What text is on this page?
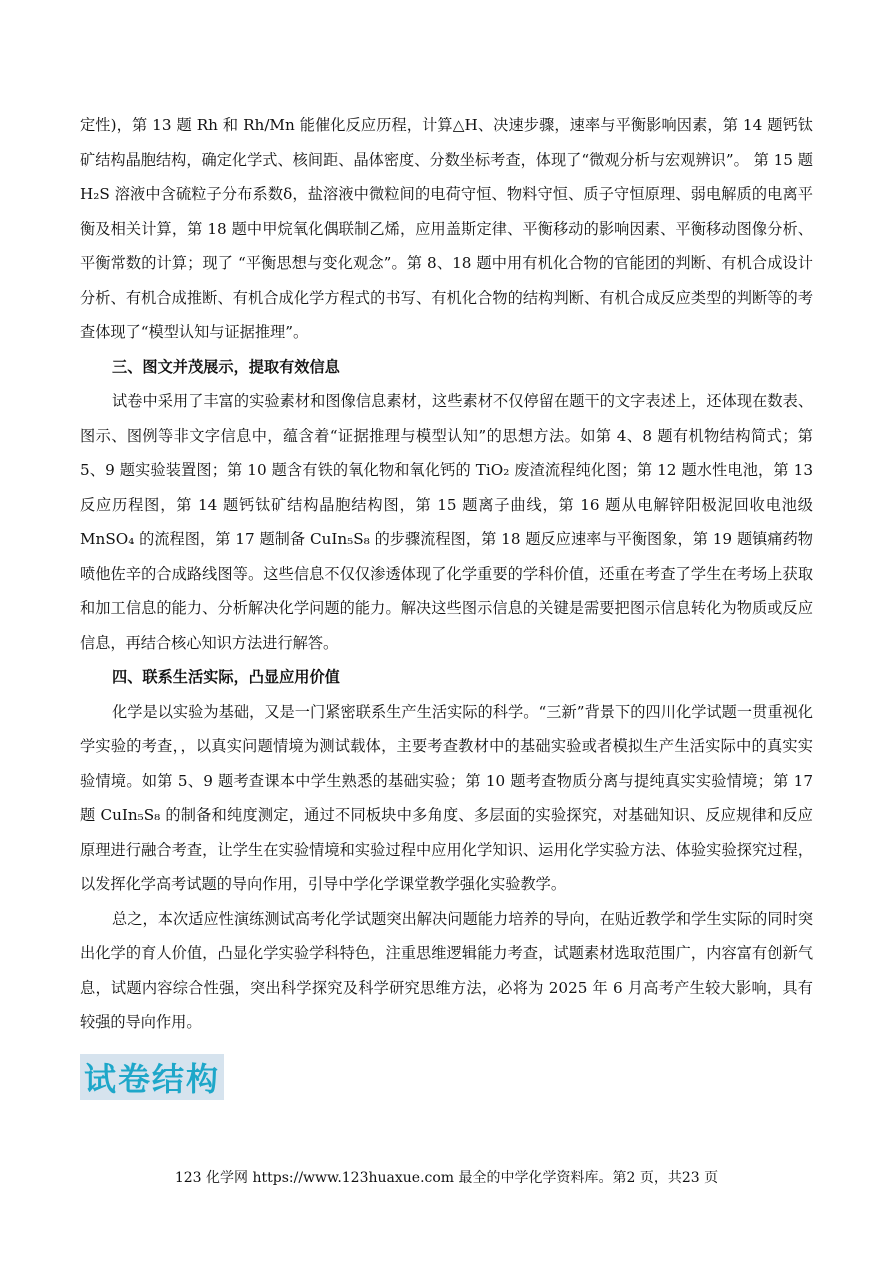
定性)，第 13 题 Rh 和 Rh/Mn 能催化反应历程，计算△H、决速步骤，速率与平衡影响因素，第 14 题钙钛矿结构晶胞结构，确定化学式、核间距、晶体密度、分数坐标考查，体现了“微观分析与宏观辨识”。 第 15 题 H₂S 溶液中含硫粒子分布系数δ，盐溶液中微粒间的电荷守恒、物料守恒、质子守恒原理、弱电解质的电离平衡及相关计算，第 18 题中甲烷氧化偶联制乙烯，应用盖斯定律、平衡移动的影响因素、平衡移动图像分析、平衡常数的计算；现了 “平衡思想与变化观念”。第 8、18 题中用有机化合物的官能团的判断、有机合成设计分析、有机合成推断、有机合成化学方程式的书写、有机化合物的结构判断、有机合成反应类型的判断等的考查体现了“模型认知与证据推理”。

三、图文并茂展示，提取有效信息

试卷中采用了丰富的实验素材和图像信息素材，这些素材不仅停留在题干的文字表述上，还体现在数表、图示、图例等非文字信息中，蕴含着“证据推理与模型认知”的思想方法。如第 4、8 题有机物结构简式；第 5、9 题实验装置图；第 10 题含有铁的氧化物和氧化钙的 TiO₂ 废渣流程纯化图；第 12 题水性电池，第 13 反应历程图，第 14 题钙钛矿结构晶胞结构图，第 15 题离子曲线，第 16 题从电解锌阳极泥回收电池级 MnSO₄ 的流程图，第 17 题制备 CuIn₅S₈ 的步骤流程图，第 18 题反应速率与平衡图象，第 19 题镇痛药物喷他佐辛的合成路线图等。这些信息不仅仅渗透体现了化学重要的学科价值，还重在考查了学生在考场上获取和加工信息的能力、分析解决化学问题的能力。解决这些图示信息的关键是需要把图示信息转化为物质或反应信息，再结合核心知识方法进行解答。

四、联系生活实际，凸显应用价值

化学是以实验为基础，又是一门紧密联系生产生活实际的科学。“三新”背景下的四川化学试题一贯重视化学实验的考查，，以真实问题情境为测试载体，主要考查教材中的基础实验或者模拟生产生活实际中的真实实验情境。如第 5、9 题考查课本中学生熟悉的基础实验；第 10 题考查物质分离与提纯真实实验情境；第 17 题 CuIn₅S₈ 的制备和纯度测定，通过不同板块中多角度、多层面的实验探究，对基础知识、反应规律和反应原理进行融合考查，让学生在实验情境和实验过程中应用化学知识、运用化学实验方法、体验实验探究过程，以发挥化学高考试题的导向作用，引导中学化学课堂教学强化实验教学。

总之，本次适应性演练测试高考化学试题突出解决问题能力培养的导向，在贴近教学和学生实际的同时突出化学的育人价值，凸显化学实验学科特色，注重思维逻辑能力考查，试题素材选取范围广，内容富有创新气息，试题内容综合性强，突出科学探究及科学研究思维方法，必将为 2025 年 6 月高考产生较大影响，具有较强的导向作用。

试卷结构
123 化学网 https://www.123huaxue.com 最全的中学化学资料库。第2 页，共23 页
